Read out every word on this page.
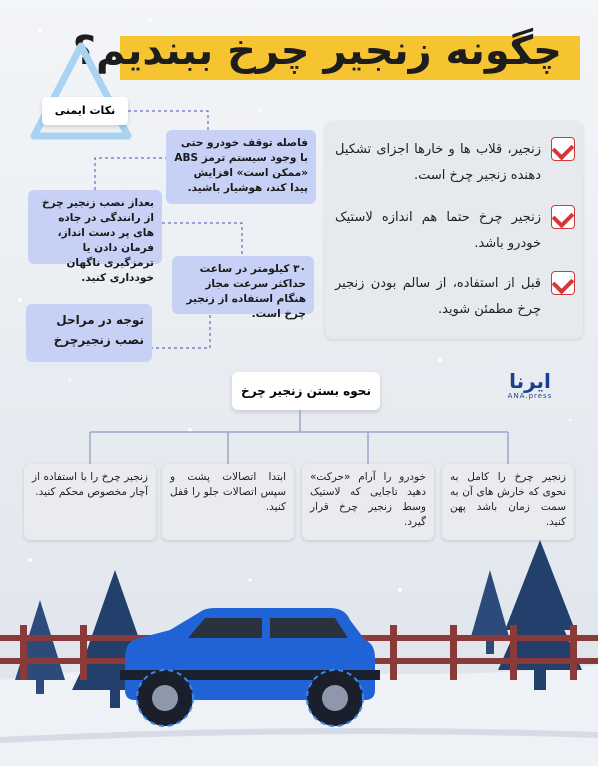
چگونه زنجیر چرخ ببندیم؟
نکات ایمنی
فاصله توقف خودرو حتی با وجود سیستم ترمز ABS «ممکن است» افزایش پیدا کند، هوشیار باشید.
بعداز نصب زنجیر چرخ از رانندگی در جاده های پر دست انداز، فرمان دادن یا ترمزگیری ناگهان خودداری کنید.
۳۰ کیلومتر در ساعت حداکثر سرعت مجاز هنگام استفاده از زنجیر چرخ است.
توجه در مراحل نصب زنجیرچرخ
زنجیر، قلاب ها و خارها اجزای تشکیل دهنده زنجیر چرخ است.
زنجیر چرخ حتما هم اندازه لاستیک خودرو باشد.
قبل از استفاده، از سالم بودن زنجیر چرخ مطمئن شوید.
ایرنا
ANA.press
نحوه بستن زنجیر چرخ
زنجیر چرخ را کامل به نحوی که خارش های آن به سمت زمان باشد پهن کنید.
خودرو را آرام «حرکت» دهید تاجایی که لاستیک وسط زنجیر چرخ قرار گیرد.
ابتدا اتصالات پشت و سپس اتصالات جلو را قفل کنید.
زنجیر چرخ را با استفاده از آچار مخصوص محکم کنید.
